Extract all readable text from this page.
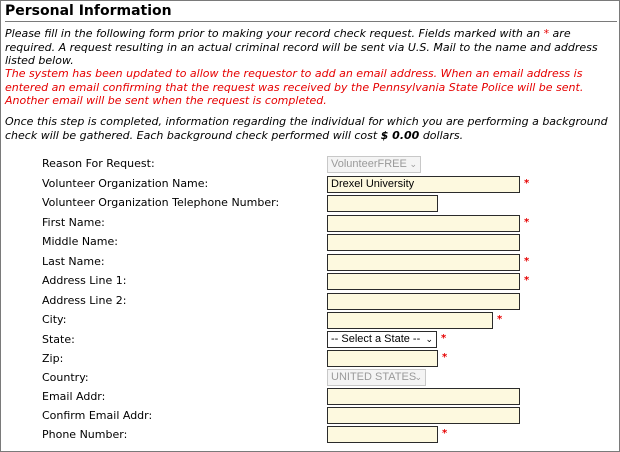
Personal Information
Please fill in the following form prior to making your record check request. Fields marked with an * are required. A request resulting in an actual criminal record will be sent via U.S. Mail to the name and address listed below.
The system has been updated to allow the requestor to add an email address. When an email address is entered an email confirming that the request was received by the Pennsylvania State Police will be sent. Another email will be sent when the request is completed.
Once this step is completed, information regarding the individual for which you are performing a background check will be gathered. Each background check performed will cost $ 0.00 dollars.
Reason For Request:	VolunteerFREE ⌄
Volunteer Organization Name:	Drexel University	*
Volunteer Organization Telephone Number:
First Name:	*
Middle Name:
Last Name:	*
Address Line 1:	*
Address Line 2:
City:	*
State:	-- Select a State -- ⌄ *
Zip:	*
Country:	UNITED STATES
⌄
Email Addr:
Confirm Email Addr:
Phone Number:	*
